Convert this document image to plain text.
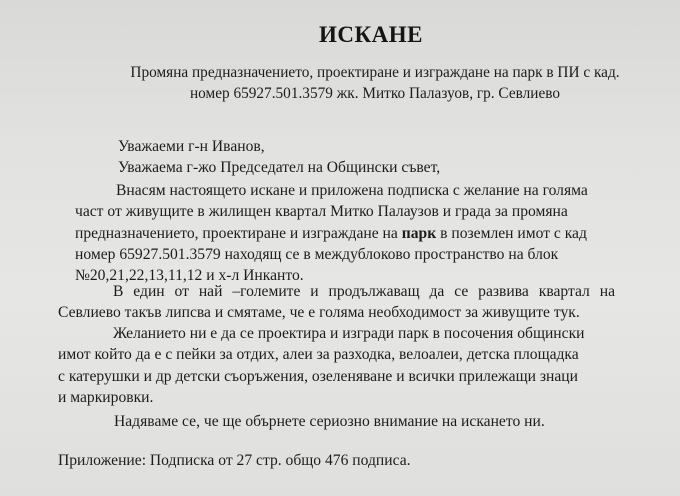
ИСКАНЕ
Промяна предназначението, проектиране и изграждане на парк в ПИ с кад.
номер 65927.501.3579 жк. Митко Палазуов, гр. Севлиево
Уважаеми г-н Иванов,
Уважаема г-жо Председател на Общински съвет,
Внасям настоящето искане и приложена подписка с желание на голяма
част от живущите в жилищен квартал Митко Палаузов и града за промяна
предназначението, проектиране и изграждане на парк в поземлен имот с кад
номер 65927.501.3579 находящ се в междублоково пространство на блок
№20,21,22,13,11,12 и х-л Инканто.
В един от най –големите и продължаващ да се развива квартал на
Севлиево такъв липсва и смятаме, че е голяма необходимост за живущите тук.
Желанието ни е да се проектира и изгради парк в посочения общински
имот който да е с пейки за отдих, алеи за разходка, велоалеи, детска площадка
с катерушки и др детски съоръжения, озеленяване и всички прилежащи знаци
и маркировки.
Надяваме се, че ще обърнете сериозно внимание на искането ни.
Приложение: Подписка от 27 стр. общо 476 подписа.
